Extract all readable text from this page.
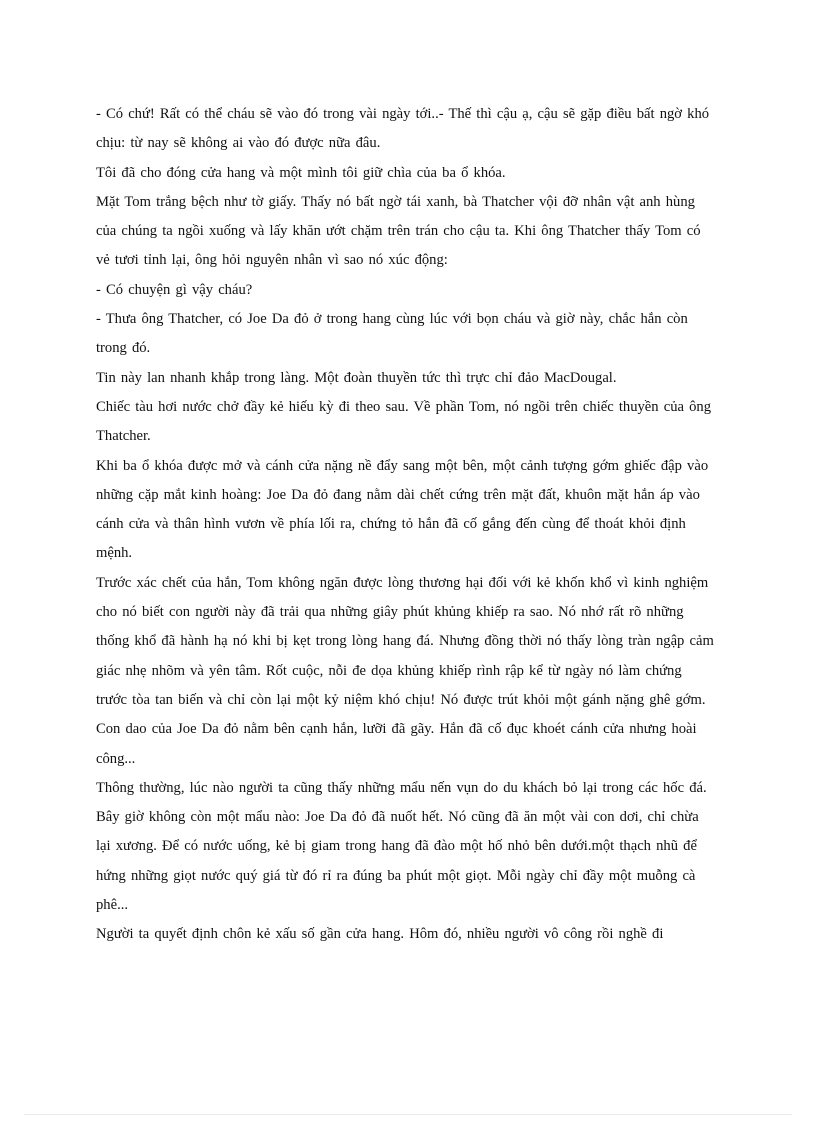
- Có chứ! Rất có thể cháu sẽ vào đó trong vài ngày tới..- Thế thì cậu ạ, cậu sẽ gặp điều bất ngờ khó chịu: từ nay sẽ không ai vào đó được nữa đâu.

Tôi đã cho đóng cửa hang và một mình tôi giữ chìa của ba ổ khóa.

Mặt Tom trắng bệch như tờ giấy. Thấy nó bất ngờ tái xanh, bà Thatcher vội đỡ nhân vật anh hùng của chúng ta ngồi xuống và lấy khăn ướt chặm trên trán cho cậu ta. Khi ông Thatcher thấy Tom có vẻ tươi tỉnh lại, ông hỏi nguyên nhân vì sao nó xúc động:

- Có chuyện gì vậy cháu?

- Thưa ông Thatcher, có Joe Da đỏ ở trong hang cùng lúc với bọn cháu và giờ này, chắc hắn còn trong đó.

Tin này lan nhanh khắp trong làng. Một đoàn thuyền tức thì trực chỉ đảo MacDougal.

Chiếc tàu hơi nước chở đầy kẻ hiếu kỳ đi theo sau. Về phần Tom, nó ngồi trên chiếc thuyền của ông Thatcher.

Khi ba ổ khóa được mở và cánh cửa nặng nề đẩy sang một bên, một cảnh tượng gớm ghiếc đập vào những cặp mắt kinh hoàng: Joe Da đỏ đang nằm dài chết cứng trên mặt đất, khuôn mặt hắn áp vào cánh cửa và thân hình vươn về phía lối ra, chứng tỏ hắn đã cố gắng đến cùng để thoát khỏi định mệnh.

Trước xác chết của hắn, Tom không ngăn được lòng thương hại đối với kẻ khốn khổ vì kinh nghiệm cho nó biết con người này đã trải qua những giây phút khủng khiếp ra sao. Nó nhớ rất rõ những thống khổ đã hành hạ nó khi bị kẹt trong lòng hang đá. Nhưng đồng thời nó thấy lòng tràn ngập cảm giác nhẹ nhõm và yên tâm. Rốt cuộc, nỗi đe dọa khủng khiếp rình rập kể từ ngày nó làm chứng trước tòa tan biến và chỉ còn lại một kỷ niệm khó chịu! Nó được trút khỏi một gánh nặng ghê gớm.

Con dao của Joe Da đỏ nằm bên cạnh hắn, lưỡi đã gãy. Hắn đã cố đục khoét cánh cửa nhưng hoài công...

Thông thường, lúc nào người ta cũng thấy những mẩu nến vụn do du khách bỏ lại trong các hốc đá. Bây giờ không còn một mẩu nào: Joe Da đỏ đã nuốt hết. Nó cũng đã ăn một vài con dơi, chỉ chừa lại xương. Để có nước uống, kẻ bị giam trong hang đã đào một hố nhỏ bên dưới.một thạch nhũ để hứng những giọt nước quý giá từ đó rỉ ra đúng ba phút một giọt. Mỗi ngày chỉ đầy một muỗng cà phê...

Người ta quyết định chôn kẻ xấu số gần cửa hang. Hôm đó, nhiều người vô công rồi nghề đi
